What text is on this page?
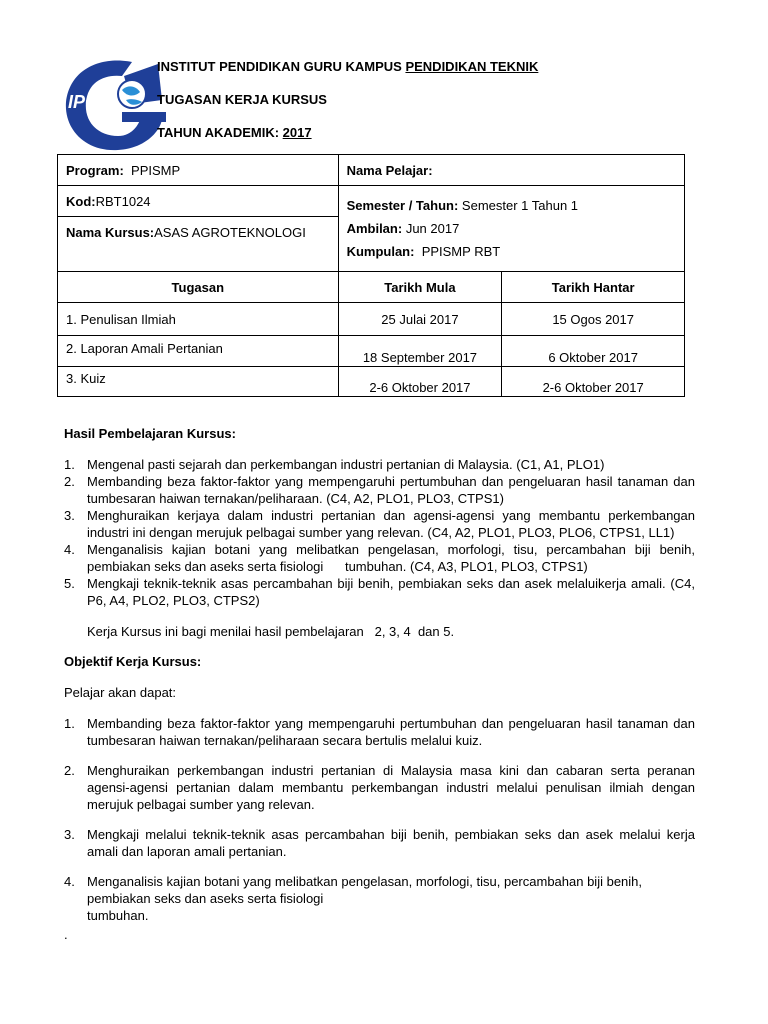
IPG
INSTITUT PENDIDIKAN GURU KAMPUS PENDIDIKAN TEKNIK
TUGASAN KERJA KURSUS
TAHUN AKADEMIK: 2017
Program: PPISMP	Nama Pelajar:	
Kod:RBT1024	Semester / Tahun: Semester 1 Tahun 1
Ambilan: Jun 2017
Kumpulan: PPISMP RBT	

Nama Kursus:ASAS AGROTEKNOLOGI		
Tugasan	Tarikh Mula	Tarikh Hantar
1. Penulisan Ilmiah	25 Julai 2017	15 Ogos 2017
2. Laporan Amali Pertanian	18 September 2017	6 Oktober 2017
3. Kuiz	2-6 Oktober 2017	2-6 Oktober 2017
Hasil Pembelajaran Kursus:
1. Mengenal pasti sejarah dan perkembangan industri pertanian di Malaysia. (C1, A1, PLO1)
2. Membanding beza faktor-faktor yang mempengaruhi pertumbuhan dan pengeluaran hasil tanaman dan tumbesaran haiwan ternakan/peliharaan. (C4, A2, PLO1, PLO3, CTPS1)
3. Menghuraikan kerjaya dalam industri pertanian dan agensi-agensi yang membantu perkembangan industri ini dengan merujuk pelbagai sumber yang relevan. (C4, A2, PLO1, PLO3, PLO6, CTPS1, LL1)
4. Menganalisis kajian botani yang melibatkan pengelasan, morfologi, tisu, percambahan biji benih, pembiakan seks dan aseks serta fisiologi      tumbuhan. (C4, A3, PLO1, PLO3, CTPS1)
5. Mengkaji teknik-teknik asas percambahan biji benih, pembiakan seks dan asek melaluikerja amali. (C4, P6, A4, PLO2, PLO3, CTPS2)

Kerja Kursus ini bagi menilai hasil pembelajaran   2, 3, 4  dan 5.

Objektif Kerja Kursus:

Pelajar akan dapat:

1. Membanding beza faktor-faktor yang mempengaruhi pertumbuhan dan pengeluaran hasil tanaman dan tumbesaran haiwan ternakan/peliharaan secara bertulis melalui kuiz.
2. Menghuraikan perkembangan industri pertanian di Malaysia masa kini dan cabaran serta peranan agensi-agensi pertanian dalam membantu perkembangan industri melalui penulisan ilmiah dengan merujuk pelbagai sumber yang relevan.
3. Mengkaji melalui teknik-teknik asas percambahan biji benih, pembiakan seks dan asek melalui kerja amali dan laporan amali pertanian.
4. Menganalisis kajian botani yang melibatkan pengelasan, morfologi, tisu, percambahan biji benih, pembiakan seks dan aseks serta fisiologi
tumbuhan.

.
